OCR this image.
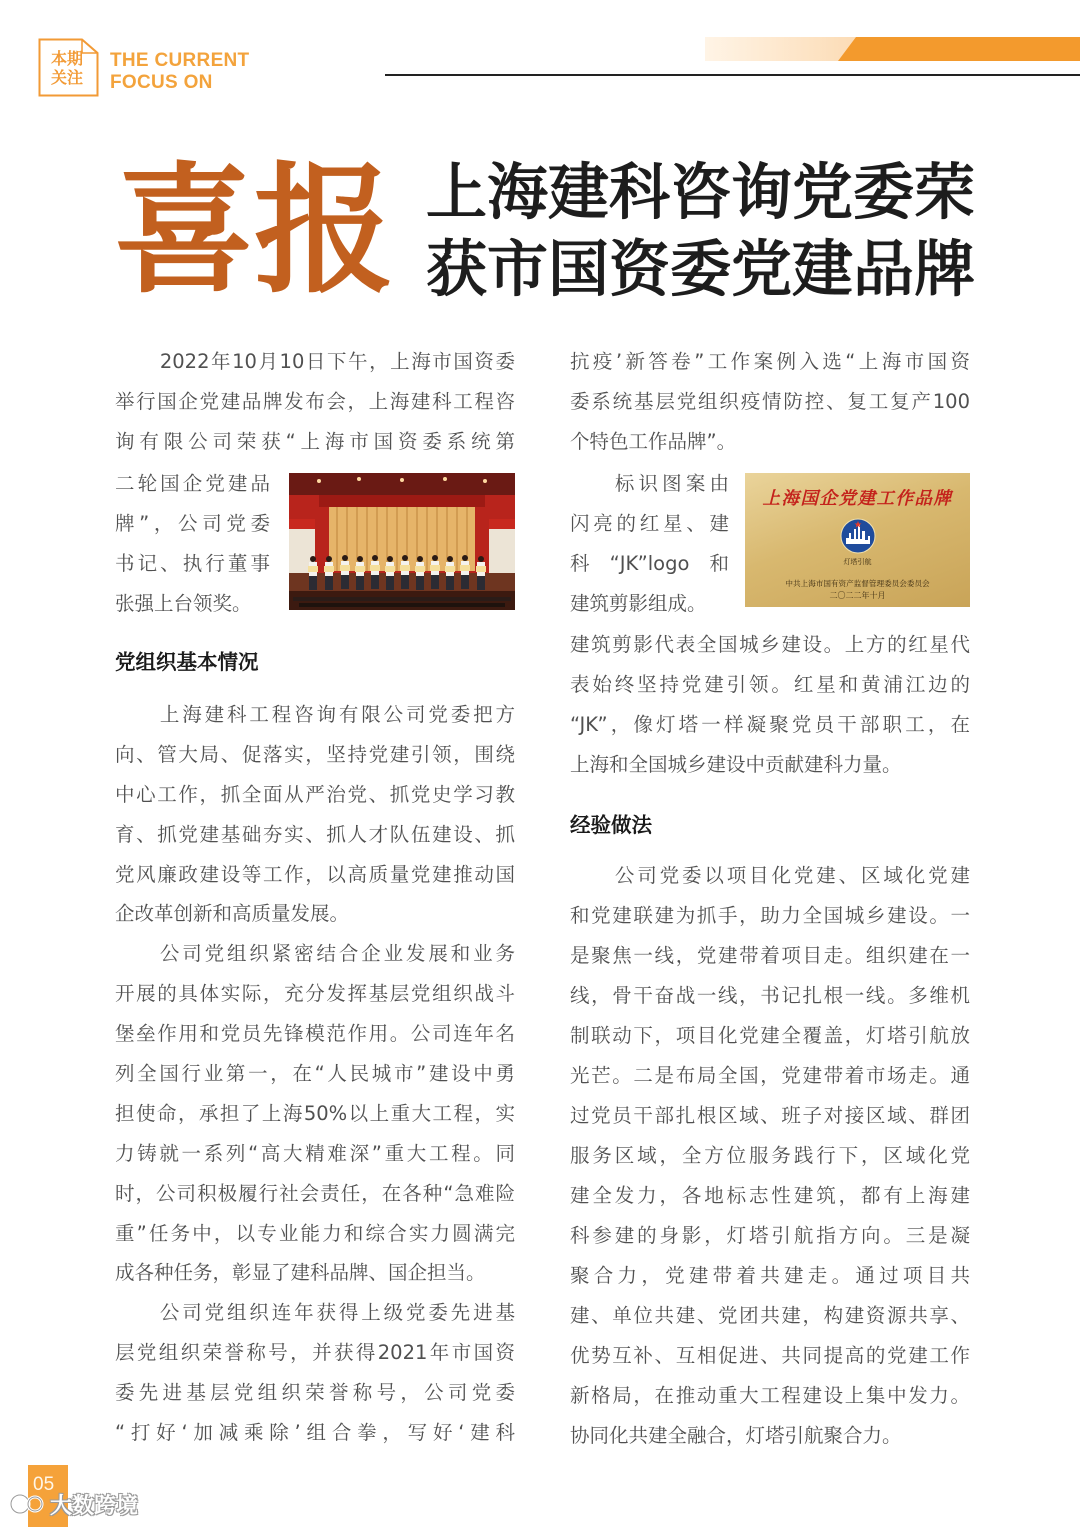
本期
关注
THE CURRENT
FOCUS ON
喜报 上海建科咨询党委荣
获市国资委党建品牌
2022年10月10日下午，上海市国资委
举行国企党建品牌发布会，上海建科工程咨
询有限公司荣获“上海市国资委系统第
二轮国企党建品
牌”，公司党委
书记、执行董事
张强上台领奖。
党组织基本情况
上海建科工程咨询有限公司党委把方
向、管大局、促落实，坚持党建引领，围绕
中心工作，抓全面从严治党、抓党史学习教
育、抓党建基础夯实、抓人才队伍建设、抓
党风廉政建设等工作，以高质量党建推动国
企改革创新和高质量发展。
公司党组织紧密结合企业发展和业务
开展的具体实际，充分发挥基层党组织战斗
堡垒作用和党员先锋模范作用。公司连年名
列全国行业第一，在“人民城市”建设中勇
担使命，承担了上海50%以上重大工程，实
力铸就一系列“高大精难深”重大工程。同
时，公司积极履行社会责任，在各种“急难险
重”任务中，以专业能力和综合实力圆满完
成各种任务，彰显了建科品牌、国企担当。
公司党组织连年获得上级党委先进基
层党组织荣誉称号，并获得2021年市国资
委先进基层党组织荣誉称号，公司党委
“打好‘加减乘除’组合拳，写好‘建科
抗疫’新答卷”工作案例入选“上海市国资
委系统基层党组织疫情防控、复工复产100
个特色工作品牌”。
标识图案由
闪亮的红星、建
科“JK”logo和
建筑剪影组成。
上海国企党建工作品牌
灯塔引航
中共上海市国有资产监督管理委员会委员会
二〇二二年十月
建筑剪影代表全国城乡建设。上方的红星代
表始终坚持党建引领。红星和黄浦江边的
“JK”，像灯塔一样凝聚党员干部职工，在
上海和全国城乡建设中贡献建科力量。
经验做法
公司党委以项目化党建、区域化党建
和党建联建为抓手，助力全国城乡建设。一
是聚焦一线，党建带着项目走。组织建在一
线，骨干奋战一线，书记扎根一线。多维机
制联动下，项目化党建全覆盖，灯塔引航放
光芒。二是布局全国，党建带着市场走。通
过党员干部扎根区域、班子对接区域、群团
服务区域，全方位服务践行下，区域化党
建全发力，各地标志性建筑，都有上海建
科参建的身影，灯塔引航指方向。三是凝
聚合力，党建带着共建走。通过项目共
建、单位共建、党团共建，构建资源共享、
优势互补、互相促进、共同提高的党建工作
新格局，在推动重大工程建设上集中发力。
协同化共建全融合，灯塔引航聚合力。
05
大数跨境
